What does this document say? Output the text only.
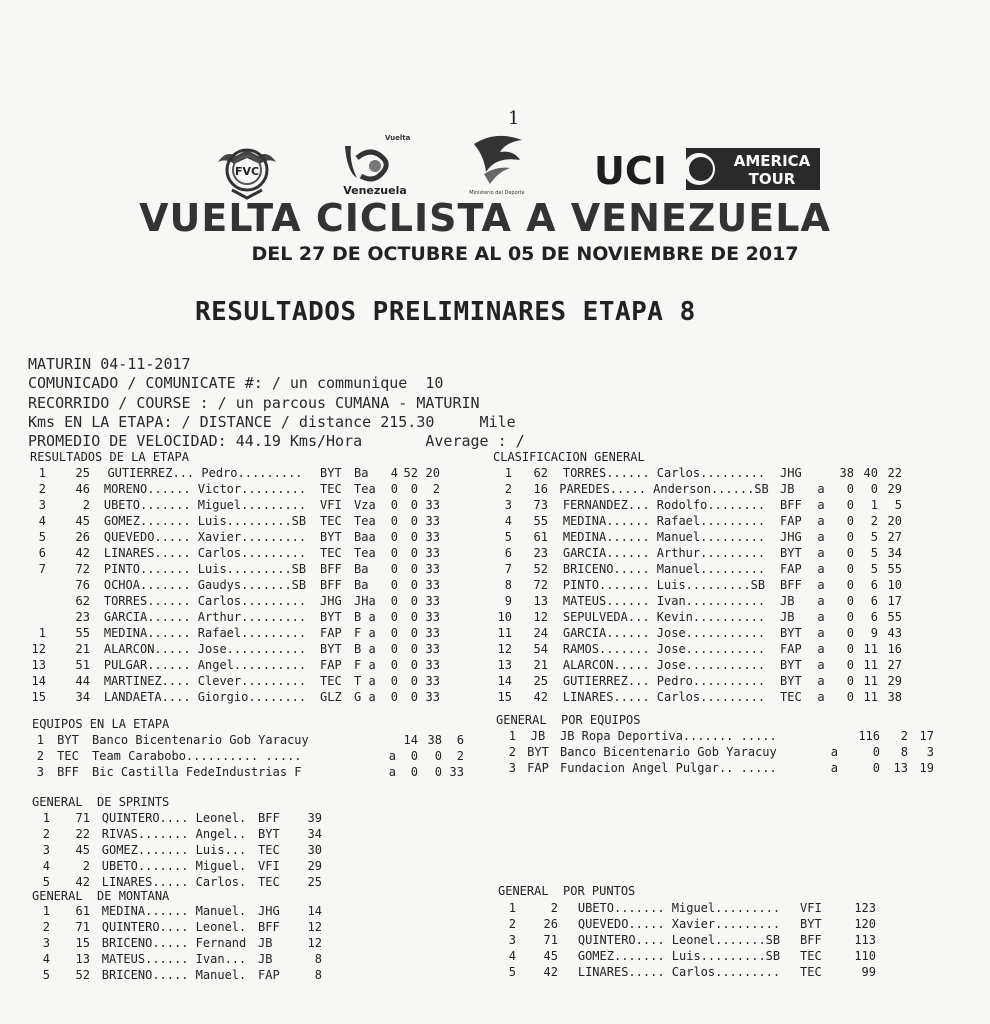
1
FVC
Vuelta
Venezuela	Ministerio del Deporte UCI	AMERICA
TOUR
VUELTA CICLISTA A VENEZUELA
DEL 27 DE OCTUBRE AL 05 DE NOVIEMBRE DE 2017
RESULTADOS PRELIMINARES ETAPA 8
MATURIN 04-11-2017
COMUNICADO / COMUNICATE #: / un communique  10
RECORRIDO / COURSE : / un parcous CUMANA - MATURIN
Kms EN LA ETAPA: / DISTANCE / distance 215.30     Mile
PROMEDIO DE VELOCIDAD: 44.19 Kms/Hora       Average : /
RESULTADOS DE LA ETAPA
1	25	GUTIERREZ... Pedro.........	BYT	Ba	4	52	20
2	46	MORENO...... Victor.........	TEC	Tea	0	0	2
3	2	UBETO....... Miguel.........	VFI	Vza	0	0	33
4	45	GOMEZ....... Luis.........SB	TEC	Tea	0	0	33
5	26	QUEVEDO..... Xavier.........	BYT	Baa	0	0	33
6	42	LINARES..... Carlos.........	TEC	Tea	0	0	33
7	72	PINTO....... Luis.........SB	BFF	Ba	0	0	33
	76	OCHOA....... Gaudys.......SB	BFF	Ba	0	0	33
	62	TORRES...... Carlos.........	JHG	JHa	0	0	33
	23	GARCIA...... Arthur.........	BYT	B a	0	0	33
1	55	MEDINA...... Rafael.........	FAP	F a	0	0	33
12	21	ALARCON..... Jose...........	BYT	B a	0	0	33
13	51	PULGAR...... Angel..........	FAP	F a	0	0	33
14	44	MARTINEZ.... Clever.........	TEC	T a	0	0	33
15	34	LANDAETA.... Giorgio........	GLZ	G a	0	0	33
CLASIFICACION GENERAL
1	62	TORRES...... Carlos.........	JHG		38	40	22
2	16	PAREDES..... Anderson......SB	JB	a	0	0	29
3	73	FERNANDEZ... Rodolfo........	BFF	a	0	1	5
4	55	MEDINA...... Rafael.........	FAP	a	0	2	20
5	61	MEDINA...... Manuel.........	JHG	a	0	5	27
6	23	GARCIA...... Arthur.........	BYT	a	0	5	34
7	52	BRICENO..... Manuel.........	FAP	a	0	5	55
8	72	PINTO....... Luis.........SB	BFF	a	0	6	10
9	13	MATEUS...... Ivan...........	JB	a	0	6	17
10	12	SEPULVEDA... Kevin..........	JB	a	0	6	55
11	24	GARCIA...... Jose...........	BYT	a	0	9	43
12	54	RAMOS....... Jose...........	FAP	a	0	11	16
13	21	ALARCON..... Jose...........	BYT	a	0	11	27
14	25	GUTIERREZ... Pedro..........	BYT	a	0	11	29
15	42	LINARES..... Carlos.........	TEC	a	0	11	38
EQUIPOS EN LA ETAPA
1	BYT	Banco Bicentenario Gob Yaracuy		14	38	6
2	TEC	Team Carabobo.......... .....	a	0	0	2
3	BFF	Bic Castilla FedeIndustrias F	a	0	0	33
GENERAL  POR EQUIPOS
1	JB	JB Ropa Deportiva....... .....		116	2	17
2	BYT	Banco Bicentenario Gob Yaracuy	a	0	8	3
3	FAP	Fundacion Angel Pulgar.. .....	a	0	13	19
GENERAL  DE SPRINTS
1	71	QUINTERO.... Leonel.	BFF	39
2	22	RIVAS....... Angel..	BYT	34
3	45	GOMEZ....... Luis...	TEC	30
4	2	UBETO....... Miguel.	VFI	29
5	42	LINARES..... Carlos.	TEC	25
GENERAL  DE MONTANA
1	61	MEDINA...... Manuel.	JHG	14
2	71	QUINTERO.... Leonel.	BFF	12
3	15	BRICENO..... Fernand	JB	12
4	13	MATEUS...... Ivan...	JB	8
5	52	BRICENO..... Manuel.	FAP	8
GENERAL  POR PUNTOS
1	2	UBETO....... Miguel.........	VFI	123
2	26	QUEVEDO..... Xavier.........	BYT	120
3	71	QUINTERO.... Leonel.......SB	BFF	113
4	45	GOMEZ....... Luis.........SB	TEC	110
5	42	LINARES..... Carlos.........	TEC	99
